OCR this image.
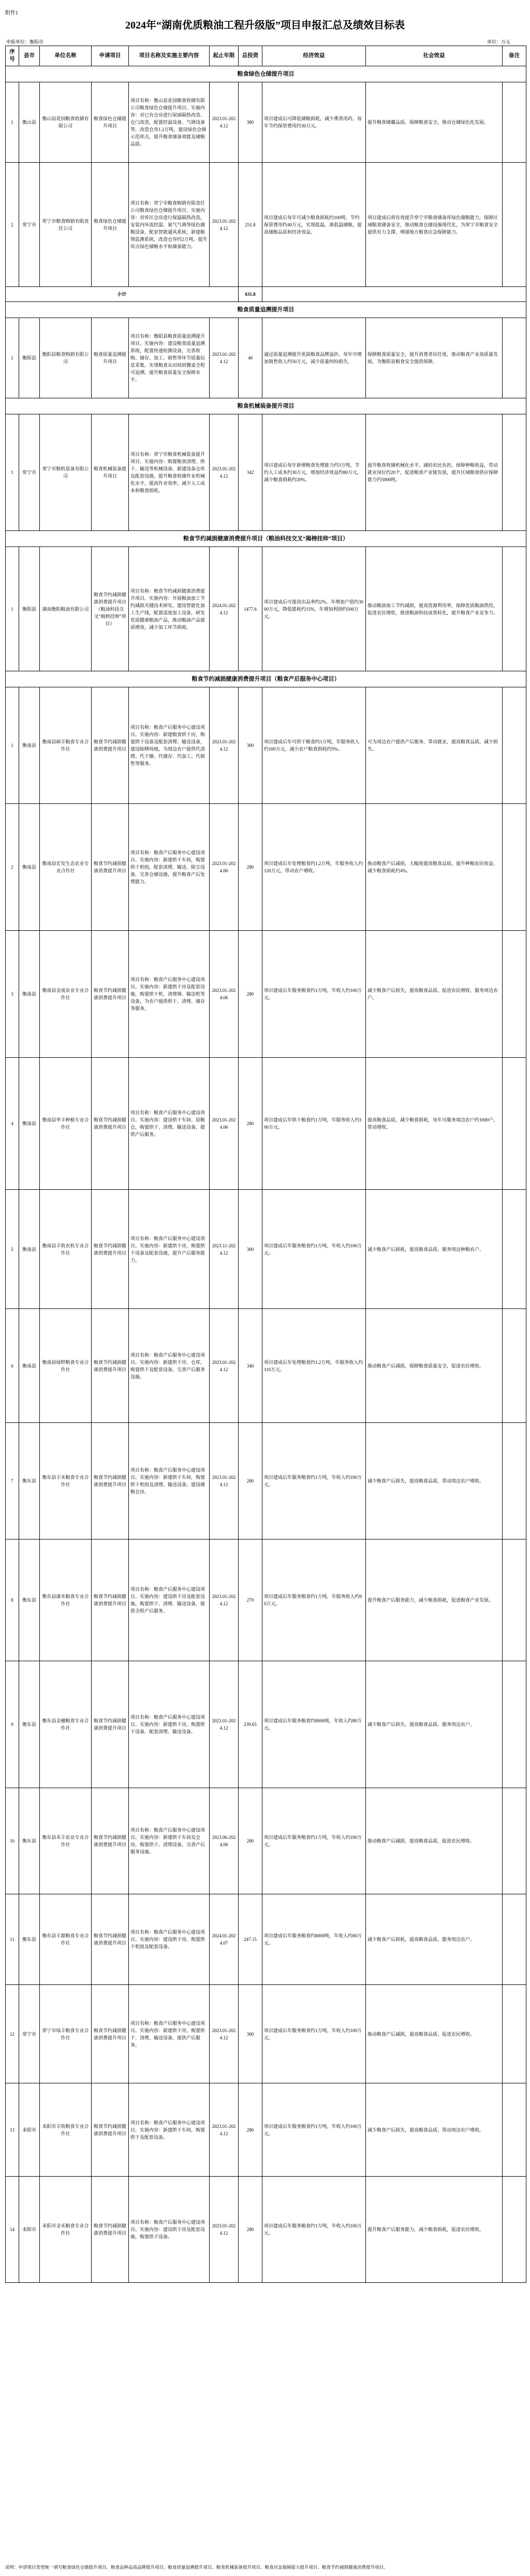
附件1
2024年“湖南优质粮油工程升级版”项目申报汇总及绩效目标表
申报单位：衡阳市	单位：万元
序号	县市	单位名称	申请项目	项目名称及实施主要内容	起止年限	总投资	经济效益	社会效益	备注
粮食绿色仓储提升项目									
1	衡山县	衡山县花园粮食收储有限公司	粮食绿色仓储提升项目	项目名称：衡山县花园粮食收储有限公司粮食绿色仓储提升项目。实施内容：对已有仓房进行屋面隔热改造、仓门改造，配置控温设备、气调设备等，改造仓容1.2万吨，建设绿色仓储示范库点，提升粮食储备效能及储粮品质。	2023.01-2024.12	380	项目建成后可降低储粮损耗，减少熏蒸用药，每年节约保管费用约30万元。	提升粮食储藏品质，保障粮食安全，推动仓储绿色化发展。	
2	常宁市	常宁市粮食购销有限责任公司	粮食绿色仓储提升项目	项目名称：常宁市粮食购销有限责任公司粮食绿色仓储提升项目。实施内容：对库区仓房进行保温隔热改造，安装内环流控温、氮气气调等绿色储粮设备，配套智能通风系统，新建粮情监测系统，改造仓容约2万吨，提升库点绿色储粮水平和储备能力。	2023.01-2024.12	251.8	项目建成后每年可减少粮食损耗约100吨，节约保管费用约40万元，实现低温、准低温储粮，提高储粮品质和经济效益。	项目建成后将有效提升常宁市粮食储备库绿色储粮能力，保障区域粮食储备安全，推动粮食仓储设施现代化，为常宁市粮食安全提供有力支撑，增强地方粮食应急保障能力。	
小计						631.8			
粮食质量追溯提升项目									
1	衡阳县	衡阳县粮食购销有限公司	粮食质量追溯提升项目	项目名称：衡阳县粮食质量追溯提升项目。实施内容：建设粮食质量追溯系统，配置快速检测设备，完善收购、储存、加工、销售等环节质量信息采集，实现粮食从田间到餐桌全程可追溯，提升粮食质量安全保障水平。	2023.01-2024.12	40	通过质量追溯提升优质粮食品牌溢价，每年可增加销售收入约50万元，减少质量纠纷损失。	保障粮食质量安全，提升消费者信任度，推动粮食产业高质量发展，为衡阳县粮食安全提供保障。	
粮食机械装备提升项目									
1	常宁市	常宁市粮机装备有限公司	粮食机械装备提升项目	项目名称：常宁市粮食机械装备提升项目。实施内容：购置粮食清理、烘干、输送等机械设备，新建设备仓库及配套设施，提升粮食收储作业机械化水平，提高作业效率，减少人工成本和粮食损耗。	2023.01-2024.12	342	项目建成后每年新增粮食处理能力约3万吨，节约人工成本约30万元，增加经济效益约80万元，减少粮食损耗约20%。	提升粮食收储机械化水平，减轻农民负担，保障种粮收益，带动就业岗位约20个，促进粮食产业链发展，提升区域粮食供应保障能力约5000吨。	
粮食节约减损健康消费提升项目（粮油科技交叉“揭榜挂帅”项目）									
1	衡阳县	湖南衡阳粮油有限公司	粮食节约减损健康消费提升项目（粮油科技交叉“揭榜挂帅”项目）	项目名称：粮食节约减损健康消费提升项目。实施内容：开展粮油加工节约减损关键技术研发，建设智能化加工生产线，配置适度加工设备，研发优质健康粮油产品，推动粮油产品提质增效，减少加工环节损耗。	2024.01-2024.12	1477.6	项目建成后可提高出品率约2%，年增加产值约3000万元，降低能耗约15%，年增加利润约500万元。	推动粮油加工节约减损，提高资源利用率，保障优质粮油供给，促进农民增收，推进粮油科技成果转化，提升粮食产业竞争力。	
粮食节约减损健康消费提升项目（粮食产后服务中心项目）									
1	衡南县	衡南县硕丰粮食专业合作社	粮食节约减损健康消费提升项目	项目名称：粮食产后服务中心建设项目。实施内容：新建粮食烘干房，购置烘干设备及配套清理、输送设备，建设晾晒场地，为周边农户提供代清理、代干燥、代储存、代加工、代销售等服务。	2023.01-2024.12	300	项目建成后年可烘干粮食约1万吨，年服务收入约100万元，减少农户粮食损耗约5%。	可为周边农户提供产后服务，带动就业，提高粮食品质，减少损失。	
2	衡南县	衡南县宏发生态农业专业合作社	粮食节约减损健康消费提升项目	项目名称：粮食产后服务中心建设项目。实施内容：新建烘干车间，购置烘干机组，配套清理、输送、除尘设备，完善仓储设施，提升粮食产后处理能力。	2023.01-2024.06	280	项目建成后年处理粮食约1.2万吨，年服务收入约120万元，带动农户增收。	推动粮食产后减损，大幅度提高粮食品质，提升种粮农民收益，减少粮食损耗约4%。	
3	衡南县	衡南县金成农业专业合作社	粮食节约减损健康消费提升项目	项目名称：粮食产后服务中心建设项目。实施内容：新建烘干房及配套设施，购置烘干机、清理筛、输送机等设备，为农户提供烘干、清理、储存等服务。	2023.01-2024.06	280	项目建成后年服务粮食约1万吨，年收入约100万元。	减少粮食产后损失，提高粮食品质，促进农民增收，服务周边农户。	
4	衡南县	衡南县华丰种植专业合作社	粮食节约减损健康消费提升项目	项目名称：粮食产后服务中心建设项目。实施内容：建设烘干车间、原粮仓，购置烘干、清理、输送设备，提供产后服务。	2023.01-2024.06	280	项目建成后年烘干粮食约1万吨，年服务收入约100万元。	提高粮食品质，减少粮食损耗，每年可服务周边农户约1000户，带动增收。	
5	衡南县	衡南县丰收农机专业合作社	粮食节约减损健康消费提升项目	项目名称：粮食产后服务中心建设项目。实施内容：新建烘干房，购置烘干设备及配套设施，提升产后服务能力。	2023.11-2024.12	300	项目建成后年服务粮食约1万吨，年收入约100万元。	减少粮食产后损耗，提高粮食品质，服务周边种粮农户。	
6	衡南县	衡南县绿野粮食专业合作社	粮食节约减损健康消费提升项目	项目名称：粮食产后服务中心建设项目。实施内容：新建烘干房、仓库，购置烘干及配套设备，完善产后服务设施。	2023.01-2024.12	340	项目建成后年处理粮食约1.2万吨，年服务收入约110万元。	推动粮食产后减损，保障粮食质量安全，促进农民增收。	
7	衡东县	衡东县丰禾粮食专业合作社	粮食节约减损健康消费提升项目	项目名称：粮食产后服务中心建设项目。实施内容：新建烘干车间，购置烘干机组及清理、输送设备，建设储粮仓房。	2023.01-2024.12	280	项目建成后年服务粮食约1万吨，年收入约100万元。	减少粮食产后损失，提高粮食品质，带动周边农户增收。	
8	衡东县	衡东县康禾粮食专业合作社	粮食节约减损健康消费提升项目	项目名称：粮食产后服务中心建设项目。实施内容：建设烘干房及配套设施，购置烘干、清理、输送设备，提供全程产后服务。	2023.01-2024.12	270	项目建成后年服务粮食约1万吨，年服务收入约90万元。	提升粮食产后服务能力，减少粮食损耗，促进粮食产业发展。	
9	衡东县	衡东县金穗粮食专业合作社	粮食节约减损健康消费提升项目	项目名称：粮食产后服务中心建设项目。实施内容：新建烘干房，购置烘干设备，配套清理、输送设备。	2023.01-2024.12	239.65	项目建成后年服务粮食约8000吨，年收入约80万元。	减少粮食产后损失，提高粮食品质，服务周边农户。	
10	衡东县	衡东县禾丰农业专业合作社	粮食节约减损健康消费提升项目	项目名称：粮食产后服务中心建设项目。实施内容：新建烘干车间及仓房，购置烘干、清理设备，完善产后服务设施。	2023.06-2024.06	280	项目建成后年服务粮食约1万吨，年收入约100万元。	推动粮食产后减损，提高粮食品质，促进农民增收。	
11	衡东县	衡东县丰源粮食专业合作社	粮食节约减损健康消费提升项目	项目名称：粮食产后服务中心建设项目。实施内容：建设烘干房，购置烘干机组及配套设备。	2024.01-2024.07	247.15	项目建成后年服务粮食约8000吨，年收入约80万元。	减少粮食产后损耗，提高粮食品质，服务周边农户。	
12	常宁市	常宁市绿丰粮食专业合作社	粮食节约减损健康消费提升项目	项目名称：粮食产后服务中心建设项目。实施内容：新建烘干房，购置烘干、清理、输送设备，提供产后服务。	2023.01-2024.12	300	项目建成后年服务粮食约1万吨，年收入约100万元。	推动粮食产后减损，提高粮食品质，促进农民增收。	
13	耒阳市	耒阳市丰收粮食专业合作社	粮食节约减损健康消费提升项目	项目名称：粮食产后服务中心建设项目。实施内容：新建烘干车间，购置烘干及配套设备。	2023.01-2024.12	280	项目建成后年服务粮食约1万吨，年收入约100万元。	减少粮食产后损失，提高粮食品质，带动周边农户增收。	
14	耒阳市	耒阳市金禾粮食专业合作社	粮食节约减损健康消费提升项目	项目名称：粮食产后服务中心建设项目。实施内容：建设烘干房及配套设施，购置烘干设备。	2023.01-2024.12	280	项目建成后年服务粮食约1万吨，年收入约100万元。	提升粮食产后服务能力，减少粮食损耗，促进农民增收。	
说明：申请项目类型统一填写粮食绿色仓储提升项目、粮食品种品质品牌提升项目、粮食质量追溯提升项目、粮食机械装备提升项目、粮食应急保障能力提升项目、粮食节约减损健康消费提升项目。
